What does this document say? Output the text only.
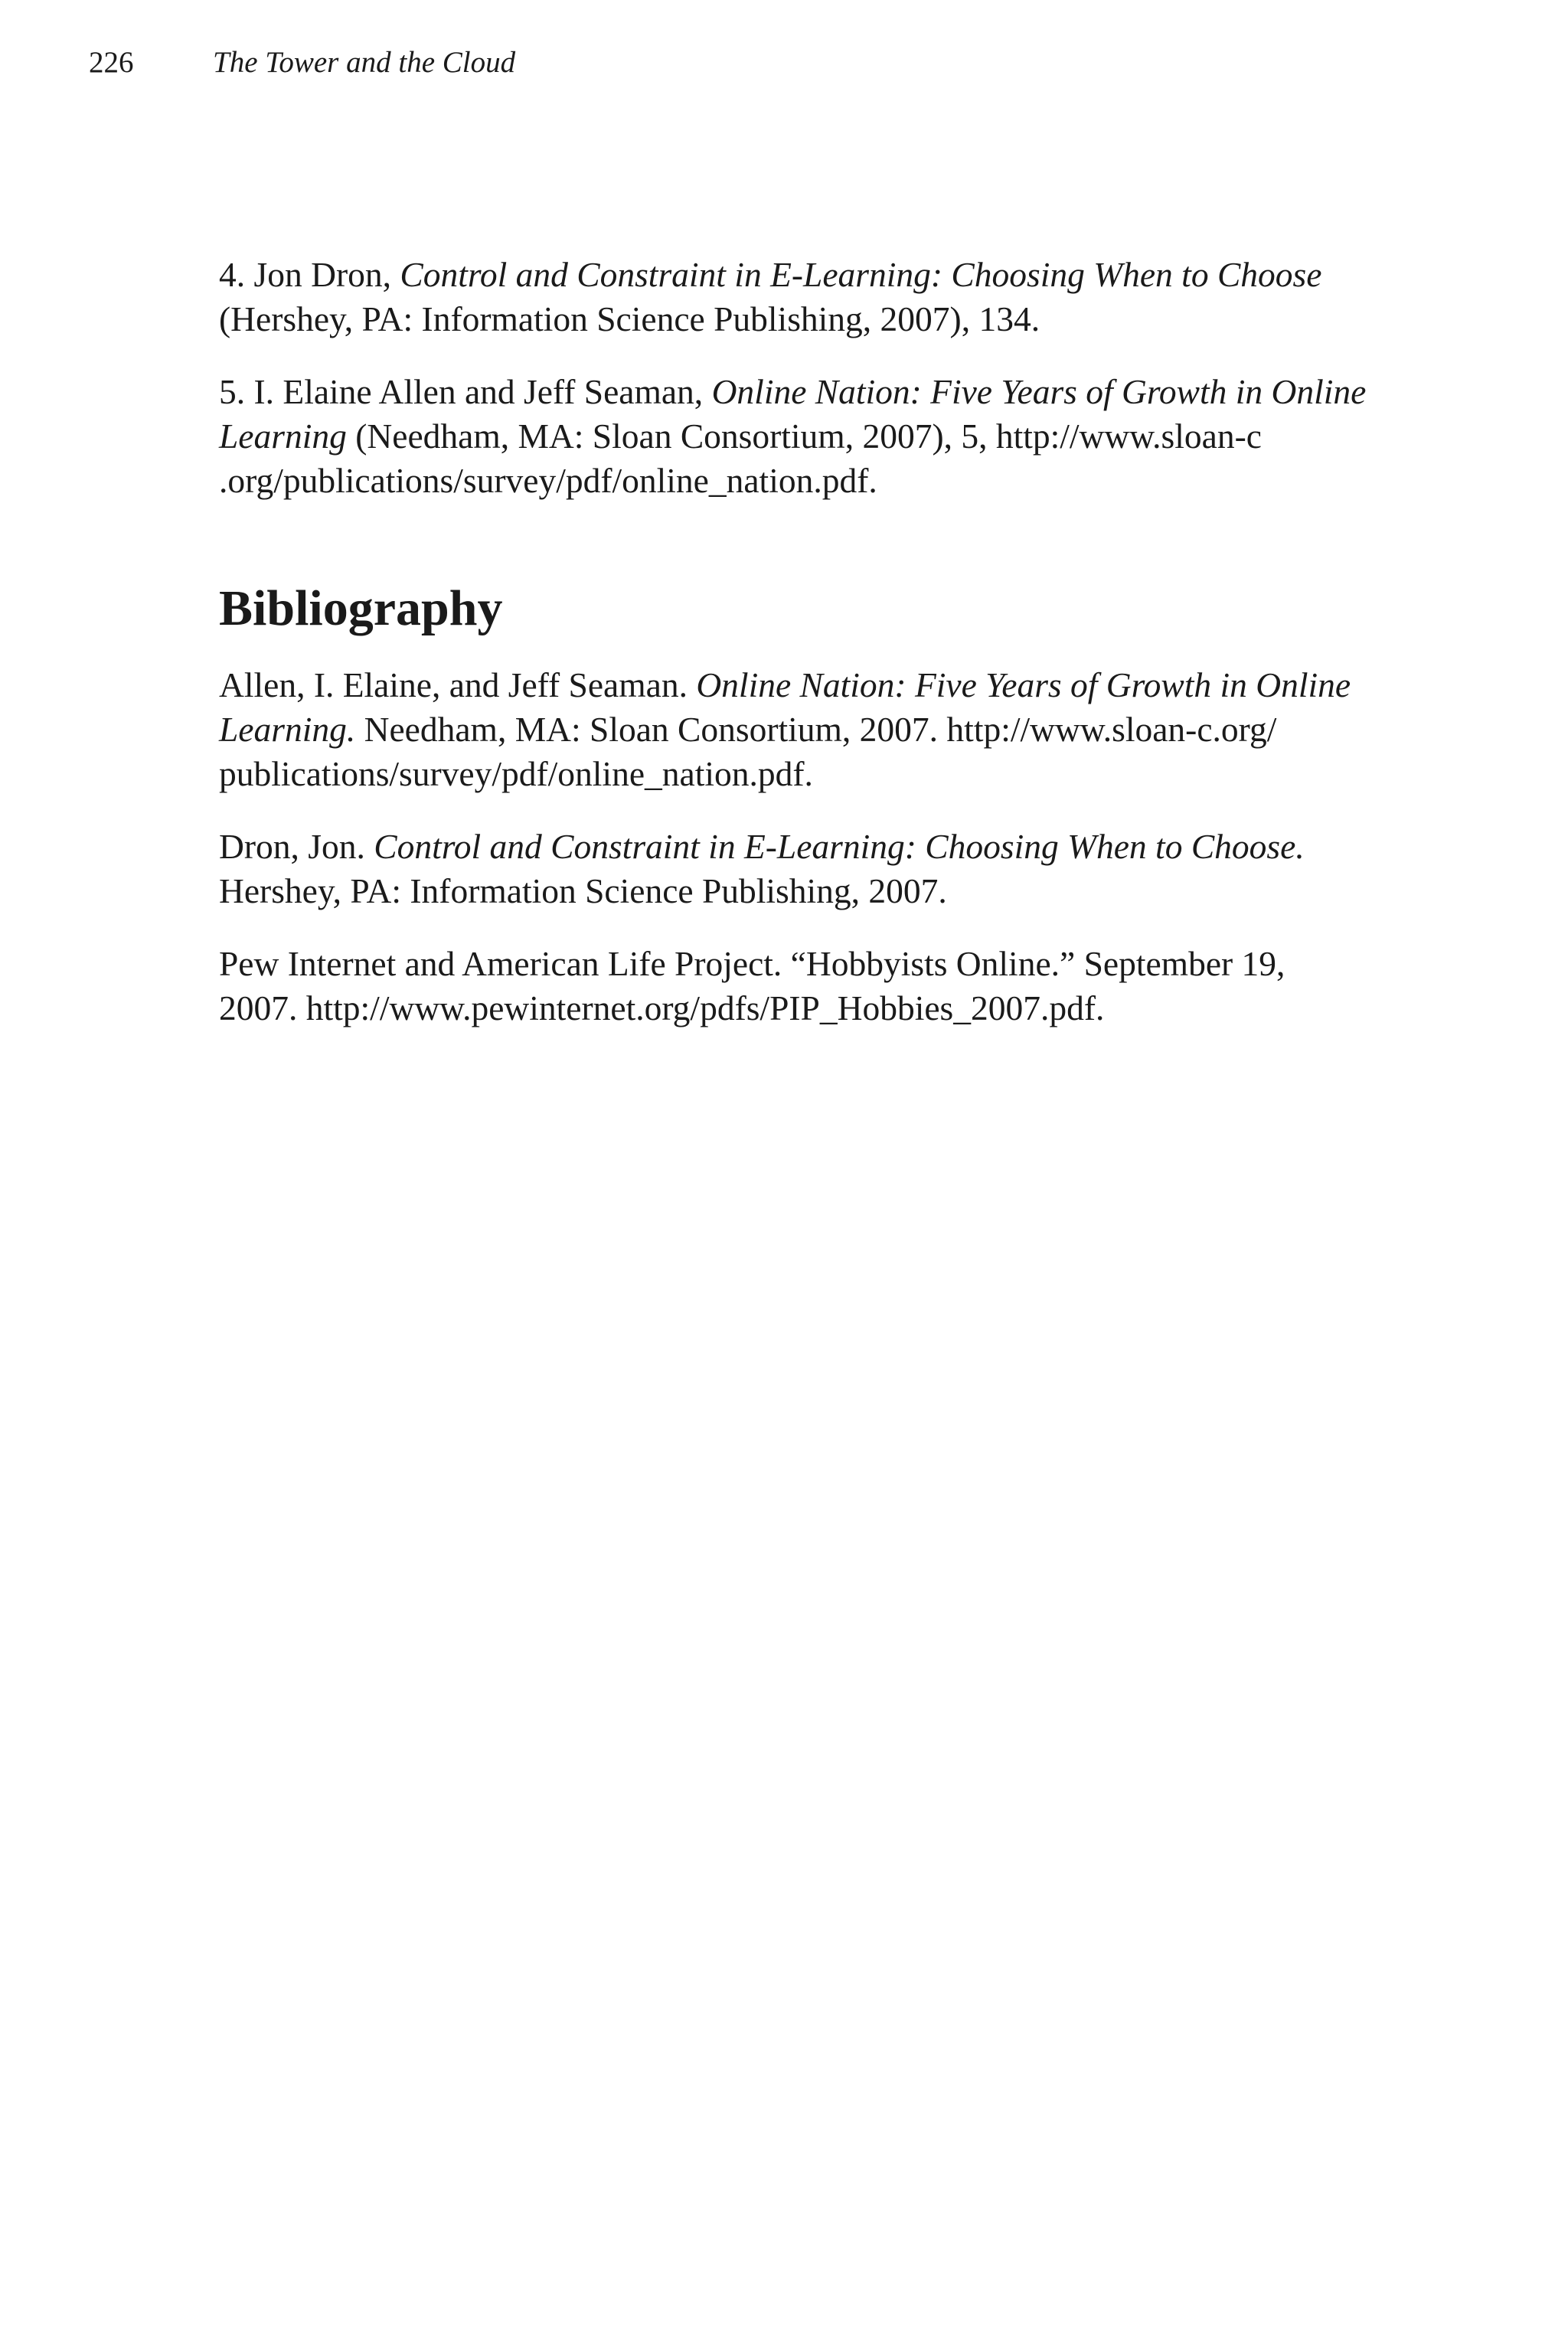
226	The Tower and the Cloud
4. Jon Dron, Control and Constraint in E-Learning: Choosing When to Choose
(Hershey, PA: Information Science Publishing, 2007), 134.
5. I. Elaine Allen and Jeff Seaman, Online Nation: Five Years of Growth in Online
Learning (Needham, MA: Sloan Consortium, 2007), 5, http://www.sloan-c
.org/publications/survey/pdf/online_nation.pdf.
Bibliography
Allen, I. Elaine, and Jeff Seaman. Online Nation: Five Years of Growth in Online
Learning. Needham, MA: Sloan Consortium, 2007. http://www.sloan-c.org/
publications/survey/pdf/online_nation.pdf.
Dron, Jon. Control and Constraint in E-Learning: Choosing When to Choose.
Hershey, PA: Information Science Publishing, 2007.
Pew Internet and American Life Project. “Hobbyists Online.” September 19,
2007. http://www.pewinternet.org/pdfs/PIP_Hobbies_2007.pdf.
